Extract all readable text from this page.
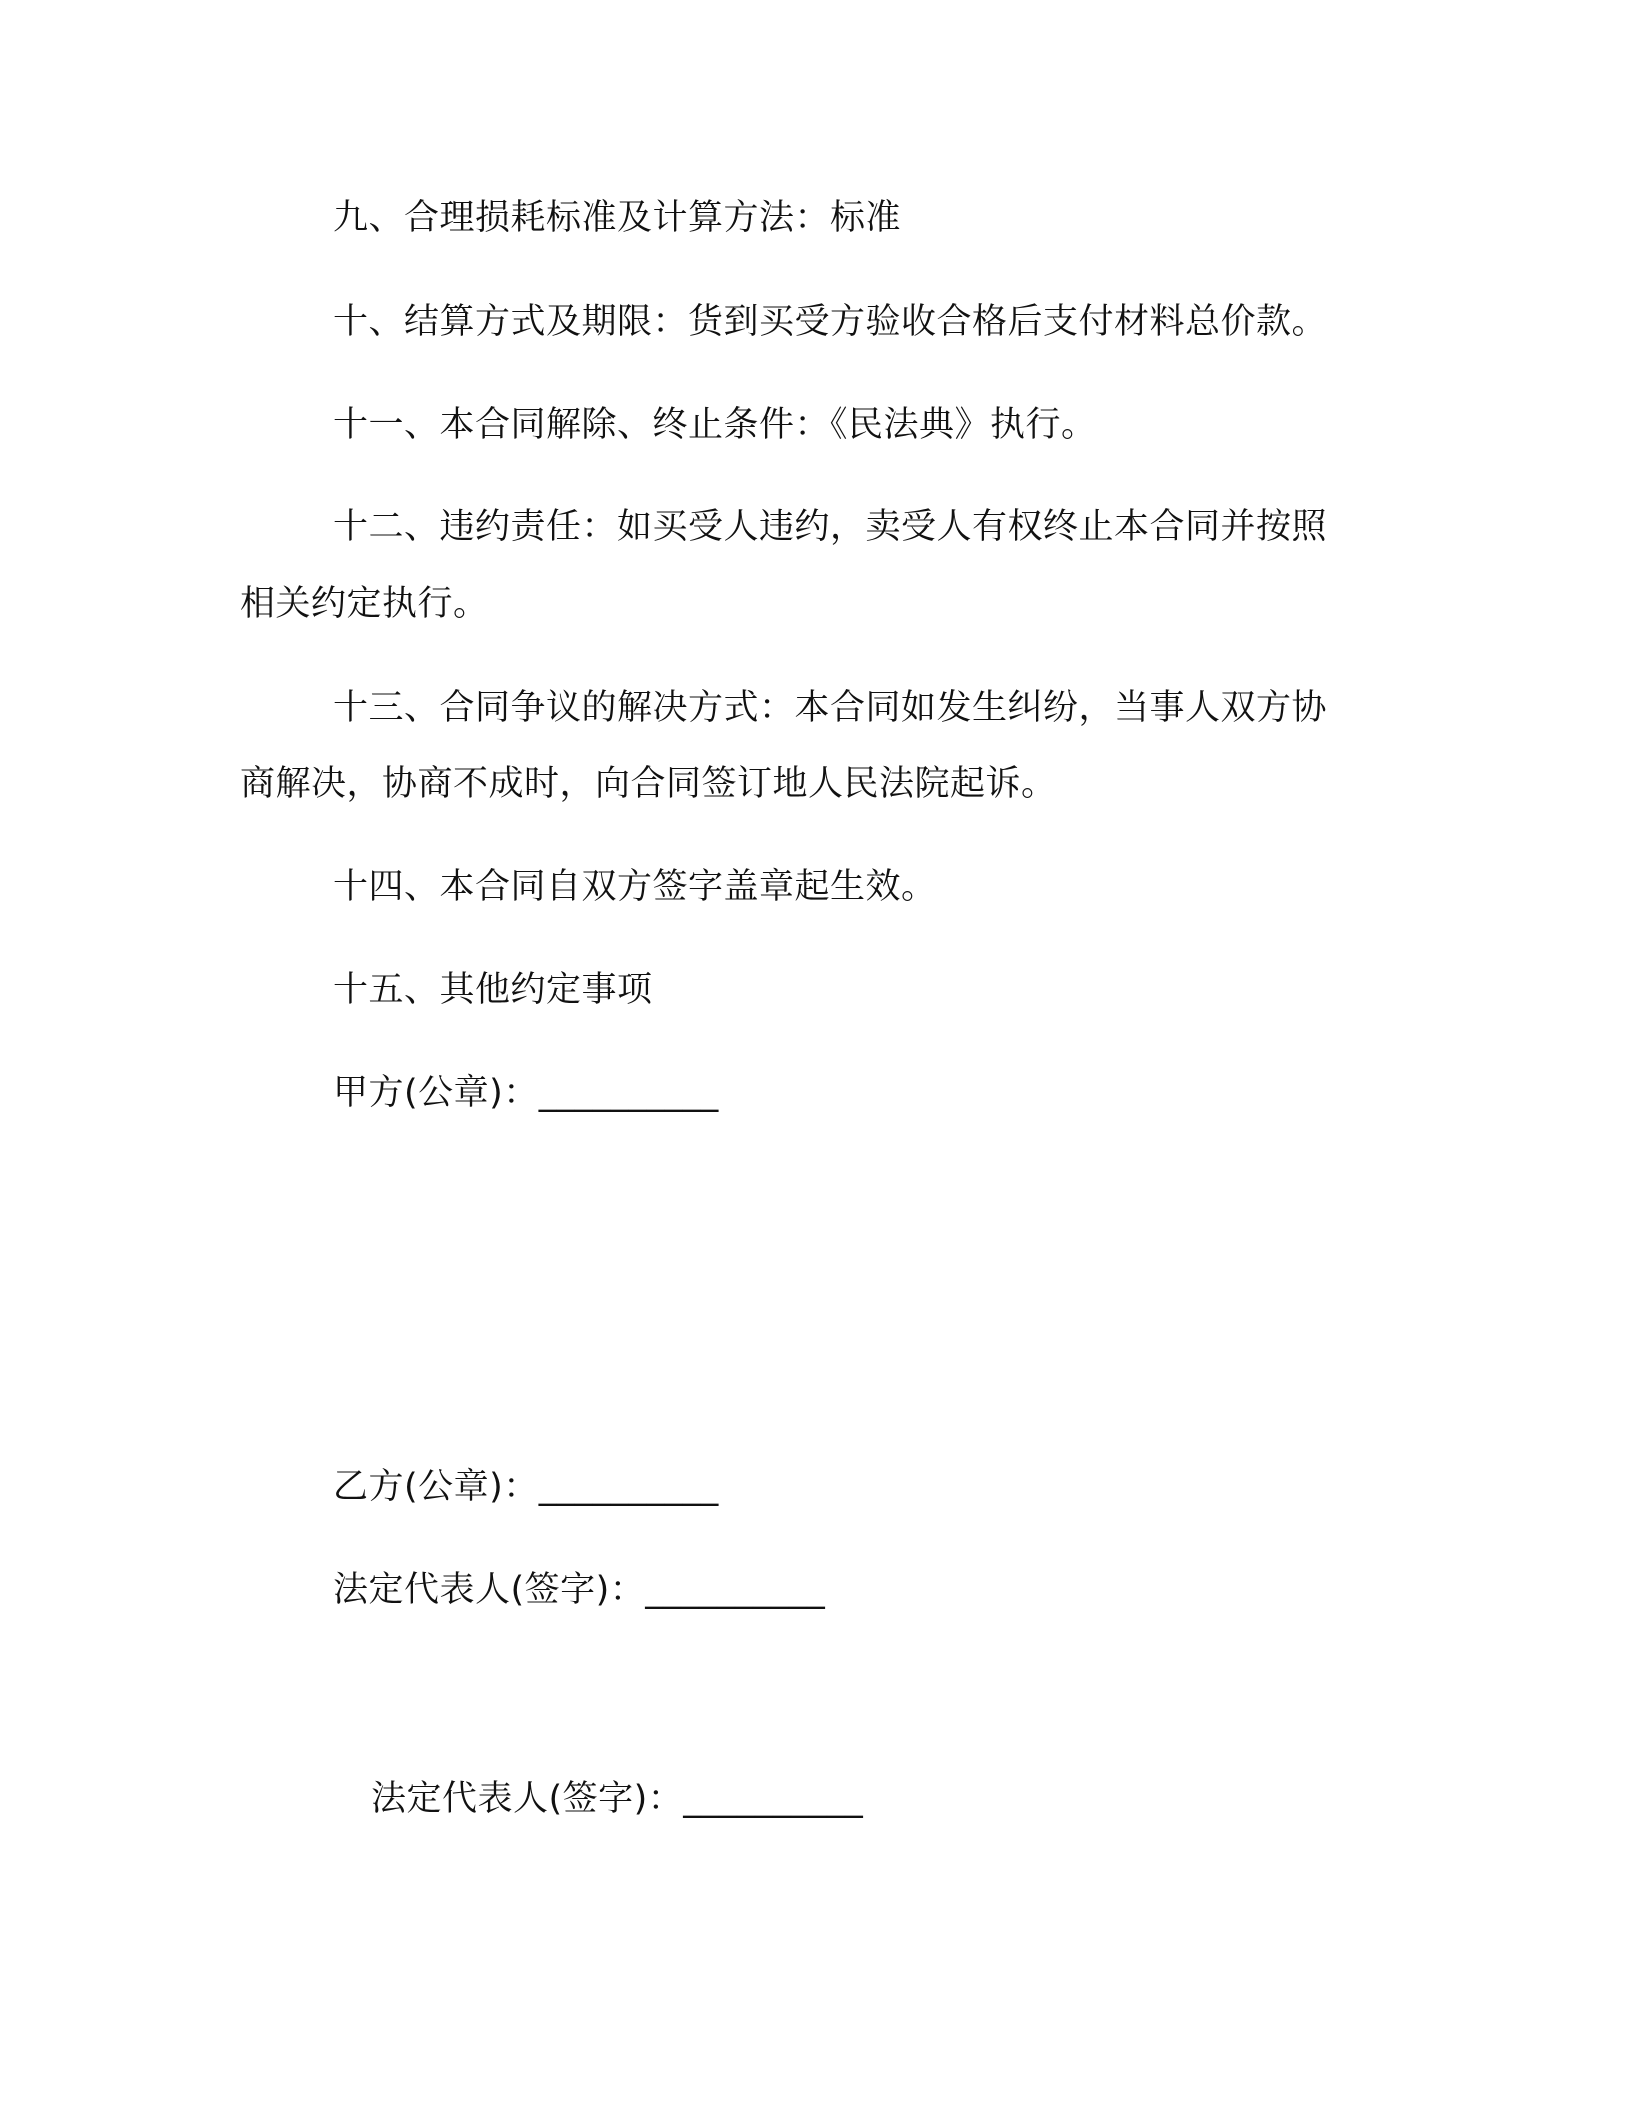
九、合理损耗标准及计算方法：标准
十、结算方式及期限：货到买受方验收合格后支付材料总价款。
十一、本合同解除、终止条件：《民法典》执行。
十二、违约责任：如买受人违约，卖受人有权终止本合同并按照
相关约定执行。
十三、合同争议的解决方式：本合同如发生纠纷，当事人双方协
商解决，协商不成时，向合同签订地人民法院起诉。
十四、本合同自双方签字盖章起生效。
十五、其他约定事项
甲方(公章)：__________
乙方(公章)：__________
法定代表人(签字)：__________
法定代表人(签字)：__________
